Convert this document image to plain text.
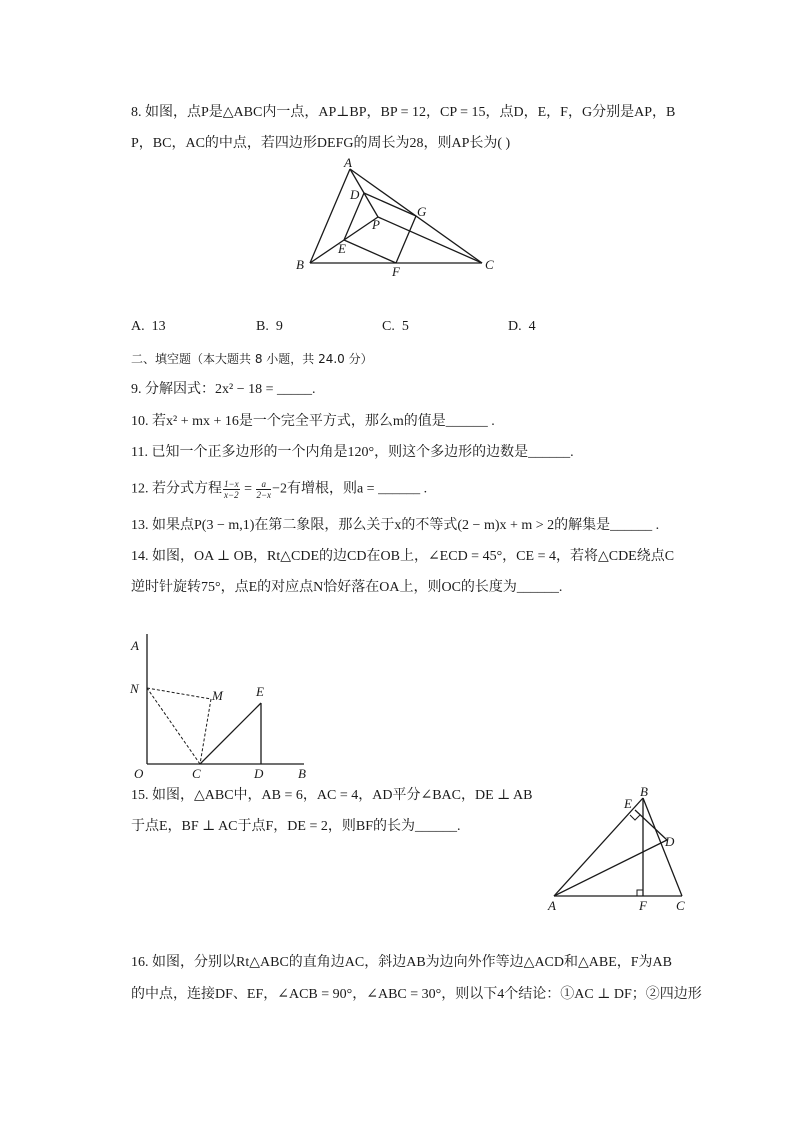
8. 如图，点P是△ABC内一点，AP⊥BP，BP = 12，CP = 15，点D，E，F，G分别是AP，B
P，BC，AC的中点，若四边形DEFG的周长为28，则AP长为( )
A
D
G
P
E
B	F	C
A. 13	B. 9	C. 5	D. 4
二、填空题（本大题共 8 小题，共 24.0 分）
9. 分解因式：2x² − 18 = _____.
10. 若x² + mx + 16是一个完全平方式，那么m的值是______ .
11. 已知一个正多边形的一个内角是120°，则这个多边形的边数是______.
12. 若分式方程 $\frac{1-x}{x-2} = \frac{a}{2-x} -2$有增根，则a = ______ .
13. 如果点P(3 − m,1)在第二象限，那么关于x的不等式(2 − m)x + m > 2的解集是______ .
14. 如图，OA ⊥ OB，Rt△CDE的边CD在OB上，∠ECD = 45°，CE = 4，若将△CDE绕点C
逆时针旋转75°，点E的对应点N恰好落在OA上，则OC的长度为______.
A
N	M	E
O	C	D	B
15. 如图，△ABC中，AB = 6，AC = 4，AD平分∠BAC，DE ⊥ AB
于点E，BF ⊥ AC于点F，DE = 2，则BF的长为______.
B
E
D
A	F C
16. 如图，分别以Rt△ABC的直角边AC，斜边AB为边向外作等边△ACD和△ABE，F为AB
的中点，连接DF、EF，∠ACB = 90°，∠ABC = 30°，则以下4个结论：①AC ⊥ DF；②四边形
